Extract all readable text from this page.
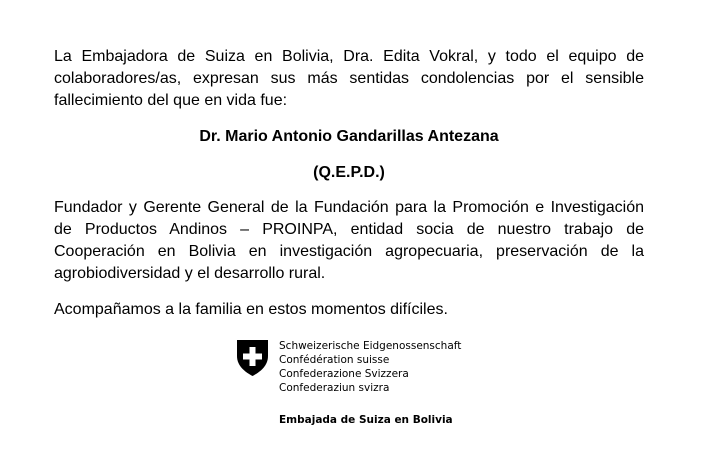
La Embajadora de Suiza en Bolivia, Dra. Edita Vokral, y todo el equipo de colaboradores/as, expresan sus más sentidas condolencias por el sensible fallecimiento del que en vida fue:

Dr. Mario Antonio Gandarillas Antezana

(Q.E.P.D.)

Fundador y Gerente General de la Fundación para la Promoción e Investigación de Productos Andinos – PROINPA, entidad socia de nuestro trabajo de Cooperación en Bolivia en investigación agropecuaria, preservación de la agrobiodiversidad y el desarrollo rural.

Acompañamos a la familia en estos momentos difíciles.

Schweizerische Eidgenossenschaft
Confédération suisse
Confederazione Svizzera
Confederaziun svizra
Embajada de Suiza en Bolivia
